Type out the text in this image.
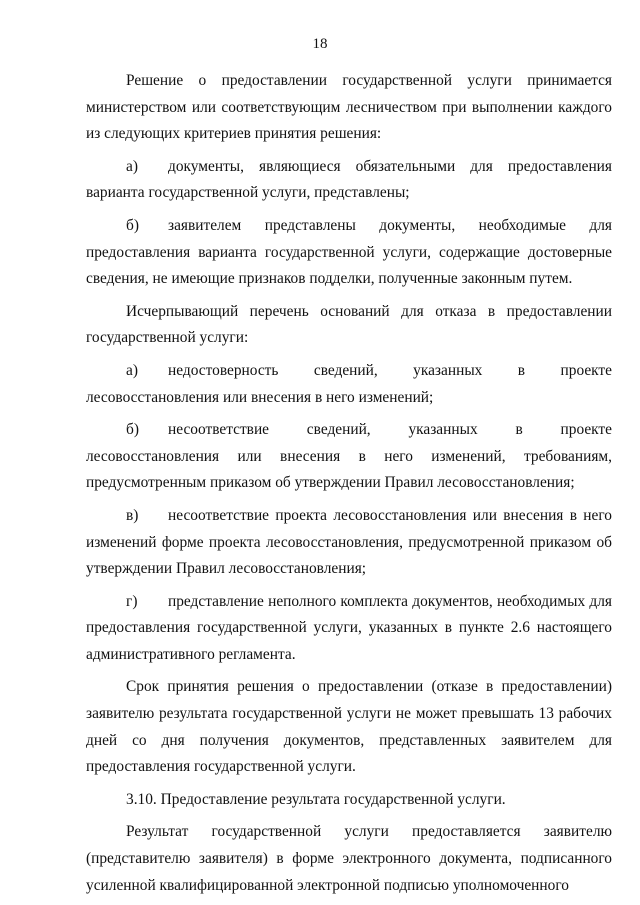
18

Решение о предоставлении государственной услуги принимается министерством или соответствующим лесничеством при выполнении каждого из следующих критериев принятия решения:

а) документы, являющиеся обязательными для предоставления варианта государственной услуги, представлены;

б) заявителем представлены документы, необходимые для предоставления варианта государственной услуги, содержащие достоверные сведения, не имеющие признаков подделки, полученные законным путем.

Исчерпывающий перечень оснований для отказа в предоставлении государственной услуги:

а) недостоверность сведений, указанных в проекте лесовосстановления или внесения в него изменений;

б) несоответствие сведений, указанных в проекте лесовосстановления или внесения в него изменений, требованиям, предусмотренным приказом об утверждении Правил лесовосстановления;

в) несоответствие проекта лесовосстановления или внесения в него изменений форме проекта лесовосстановления, предусмотренной приказом об утверждении Правил лесовосстановления;

г) представление неполного комплекта документов, необходимых для предоставления государственной услуги, указанных в пункте 2.6 настоящего административного регламента.

Срок принятия решения о предоставлении (отказе в предоставлении) заявителю результата государственной услуги не может превышать 13 рабочих дней со дня получения документов, представленных заявителем для предоставления государственной услуги.

3.10. Предоставление результата государственной услуги.

Результат государственной услуги предоставляется заявителю (представителю заявителя) в форме электронного документа, подписанного усиленной квалифицированной электронной подписью уполномоченного
